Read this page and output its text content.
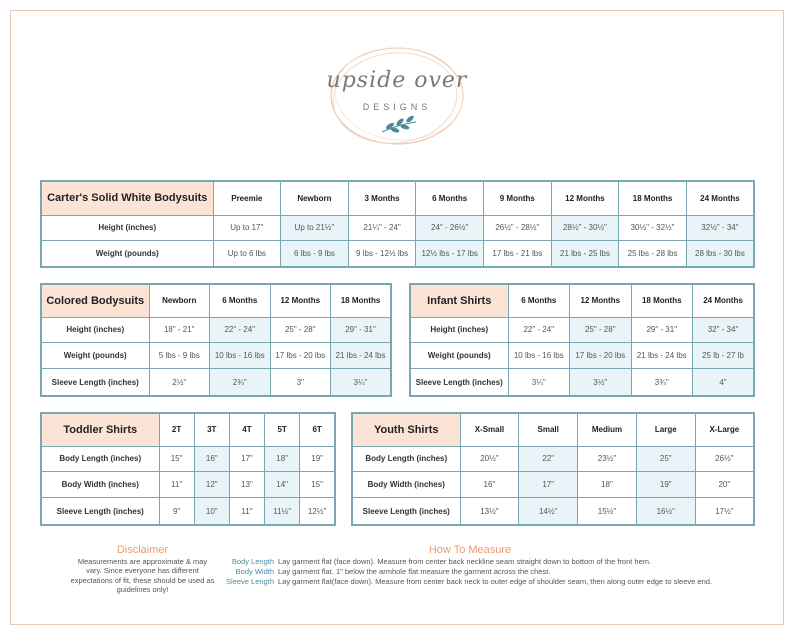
upside over
DESIGNS
Carter's Solid White Bodysuits	Preemie	Newborn	3 Months	6 Months	9 Months	12 Months	18 Months	24 Months
Height (inches)	Up to 17"	Up to 21½"	21¼" - 24"	24" - 26½"	26½" - 28½"	28½" - 30½"	30½" - 32½"	32½" - 34"
Weight (pounds)	Up to 6 lbs	6 lbs - 9 lbs	9 lbs - 12½ lbs	12½ lbs - 17 lbs	17 lbs - 21 lbs	21 lbs - 25 lbs	25 lbs - 28 lbs	28 lbs - 30 lbs
Colored Bodysuits	Newborn	6 Months	12 Months	18 Months
Height (inches)	18" - 21"	22" - 24"	25" - 28"	29" - 31"
Weight (pounds)	5 lbs - 9 lbs	10 lbs - 16 lbs	17 lbs - 20 lbs	21 lbs - 24 lbs
Sleeve Length (inches)	2½"	2¾"	3"	3¼"
Infant Shirts	6 Months	12 Months	18 Months	24 Months
Height (inches)	22" - 24"	25" - 28"	29" - 31"	32" - 34"
Weight (pounds)	10 lbs - 16 lbs	17 lbs - 20 lbs	21 lbs - 24 lbs	25 lb - 27 lb
Sleeve Length (inches)	3¼"	3½"	3¾"	4"
Toddler Shirts	2T	3T	4T	5T	6T
Body Length (inches)	15"	16"	17"	18"	19"
Body Width (inches)	11"	12"	13"	14"	15"
Sleeve Length (inches)	9"	10"	11"	11½"	12½"
Youth Shirts	X-Small	Small	Medium	Large	X-Large
Body Length (inches)	20½"	22"	23½"	25"	26½"
Body Width (inches)	16"	17"	18"	19"	20"
Sleeve Length (inches)	13½"	14½"	15½"	16½"	17½"
Disclaimer
Measurements are approximate & may vary. Since everyone has different expectations of fit, these should be used as guidelines only!
How To Measure
Body Length Lay garment flat (face down). Measure from center back neckline seam straight down to bottom of the front hem.
Body Width Lay garment flat. 1" below the armhole flat measure the garment across the chest.
Sleeve Length Lay garment flat(face down). Measure from center back neck to outer edge of shoulder seam, then along outer edge to sleeve end.
